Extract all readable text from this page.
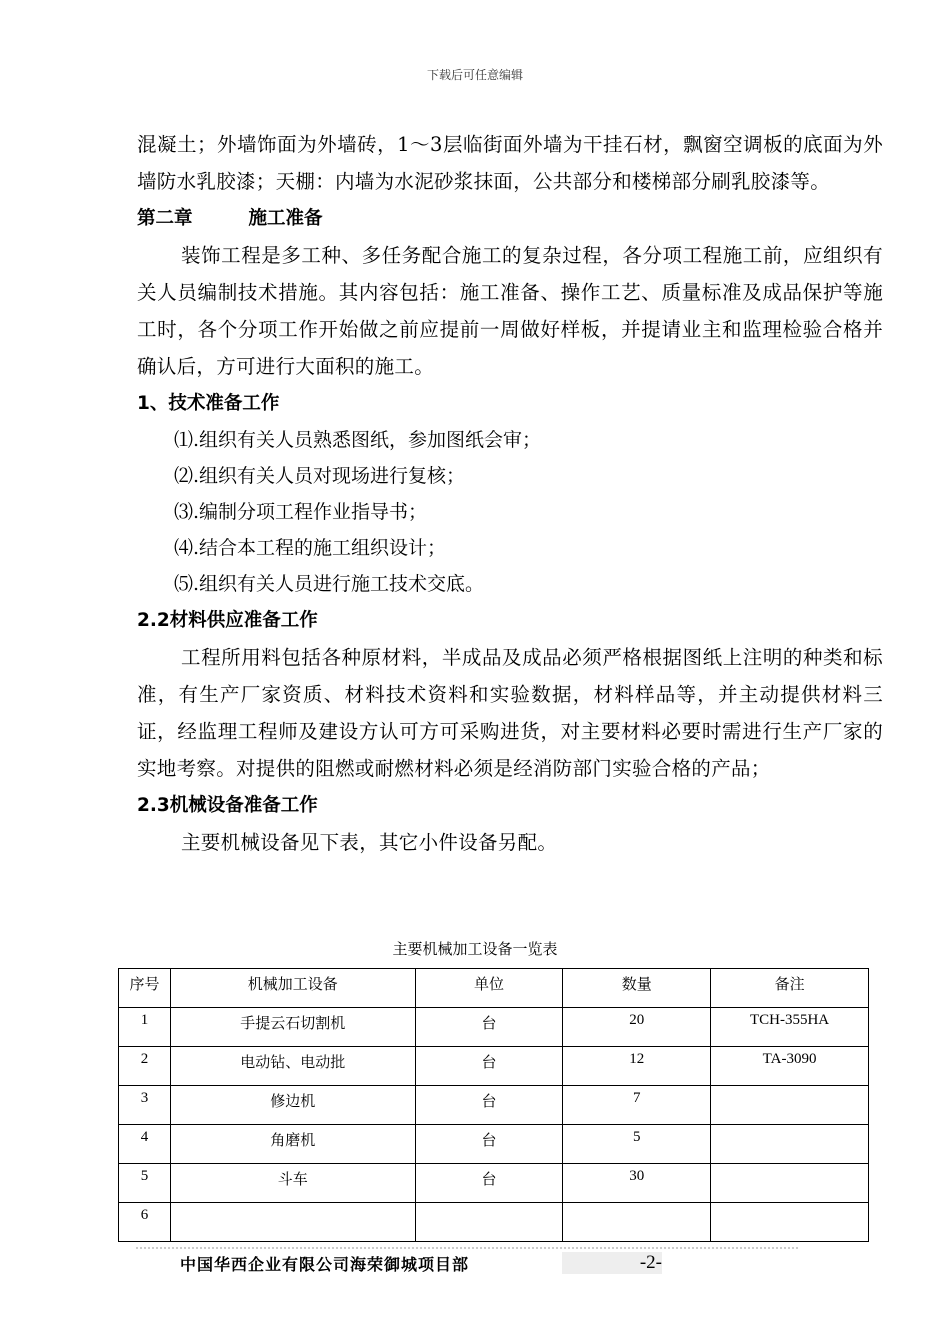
下载后可任意编辑

混凝土；外墙饰面为外墙砖，1～3层临街面外墙为干挂石材，飘窗空调板的底面为外墙防水乳胶漆；天棚：内墙为水泥砂浆抹面，公共部分和楼梯部分刷乳胶漆等。

第二章	施工准备

装饰工程是多工种、多任务配合施工的复杂过程，各分项工程施工前，应组织有关人员编制技术措施。其内容包括：施工准备、操作工艺、质量标准及成品保护等施工时，各个分项工作开始做之前应提前一周做好样板，并提请业主和监理检验合格并确认后，方可进行大面积的施工。

1、技术准备工作

⑴.组织有关人员熟悉图纸，参加图纸会审；

⑵.组织有关人员对现场进行复核；

⑶.编制分项工程作业指导书；

⑷.结合本工程的施工组织设计；

⑸.组织有关人员进行施工技术交底。

2.2材料供应准备工作

工程所用料包括各种原材料，半成品及成品必须严格根据图纸上注明的种类和标准，有生产厂家资质、材料技术资料和实验数据，材料样品等，并主动提供材料三证，经监理工程师及建设方认可方可采购进货，对主要材料必要时需进行生产厂家的实地考察。对提供的阻燃或耐燃材料必须是经消防部门实验合格的产品；

2.3机械设备准备工作

主要机械设备见下表，其它小件设备另配。

主要机械加工设备一览表
序号	机械加工设备	单位	数量	备注
1	手提云石切割机	台	20	TCH-355HA
2	电动钻、电动批	台	12	TA-3090
3	修边机	台	7	
4	角磨机	台	5	
5	斗车	台	30	
6				
中国华西企业有限公司海荣御城项目部	-2-
